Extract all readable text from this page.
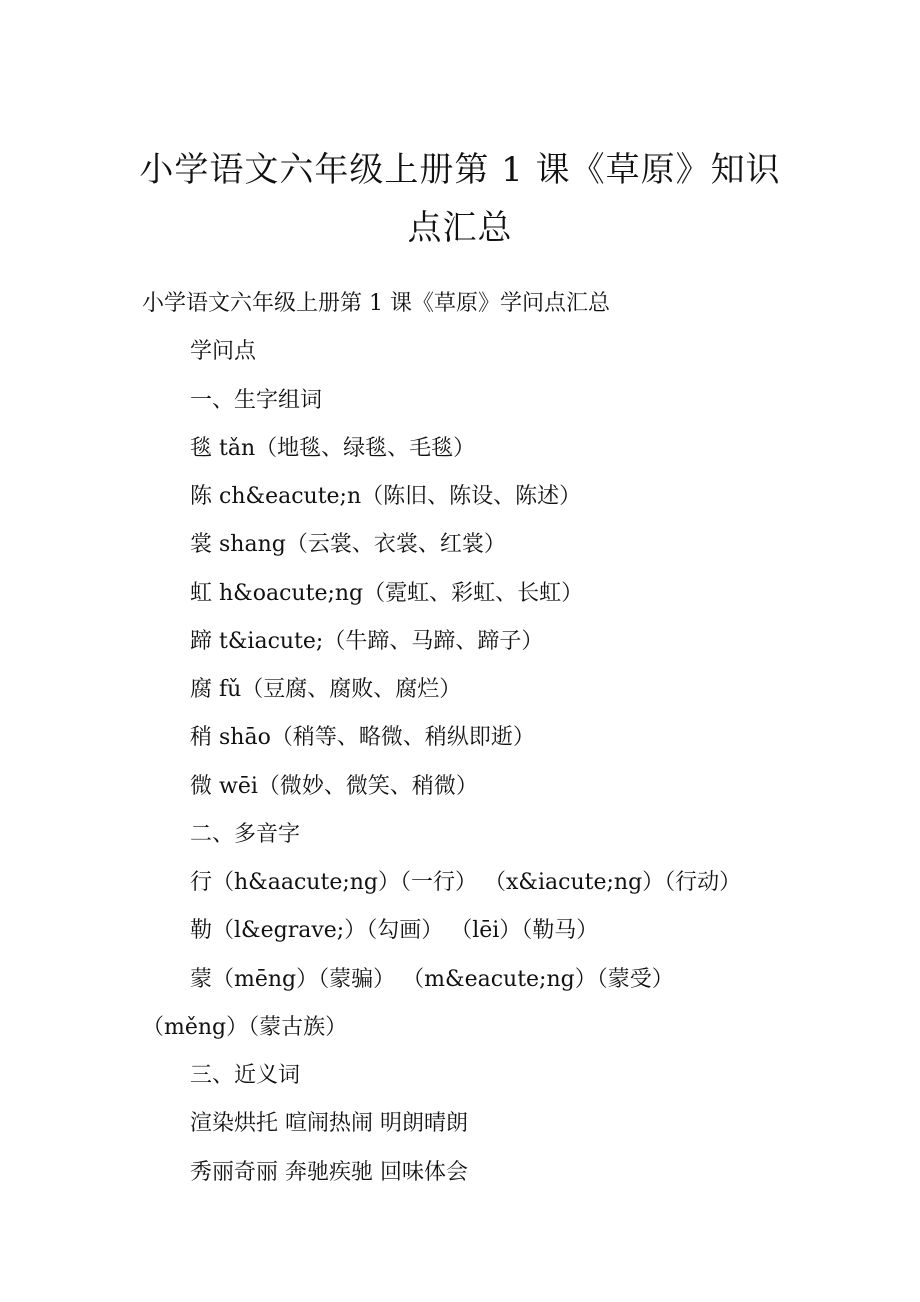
小学语文六年级上册第 1 课《草原》知识
点汇总
小学语文六年级上册第 1 课《草原》学问点汇总
学问点
一、生字组词
毯 tǎn（地毯、绿毯、毛毯）
陈 ch&eacute;n（陈旧、陈设、陈述）
裳 shang（云裳、衣裳、红裳）
虹 h&oacute;ng（霓虹、彩虹、长虹）
蹄 t&iacute;（牛蹄、马蹄、蹄子）
腐 fǔ（豆腐、腐败、腐烂）
稍 shāo（稍等、略微、稍纵即逝）
微 wēi（微妙、微笑、稍微）
二、多音字
行（h&aacute;ng）（一行） （x&iacute;ng）（行动）
勒（l&egrave;）（勾画） （lēi）（勒马）
蒙（mēng）（蒙骗） （m&eacute;ng）（蒙受）
（měng）（蒙古族）
三、近义词
渲染烘托 喧闹热闹 明朗晴朗
秀丽奇丽 奔驰疾驰 回味体会
